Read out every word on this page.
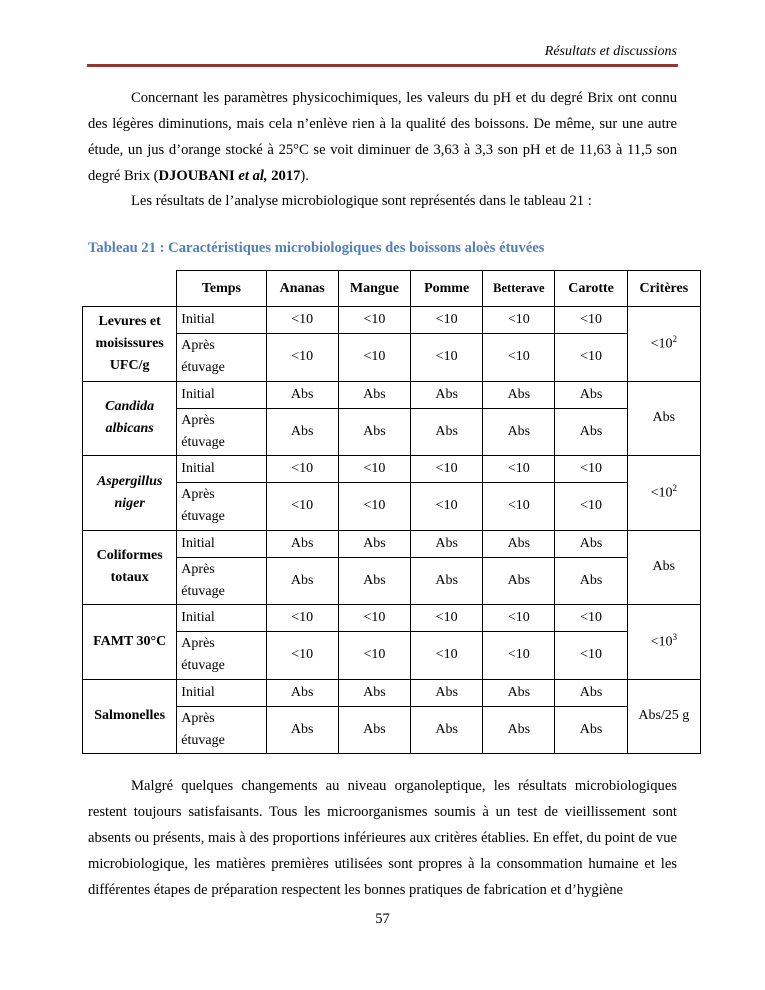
Résultats et discussions

Concernant les paramètres physicochimiques, les valeurs du pH et du degré Brix ont connu des légères diminutions, mais cela n’enlève rien à la qualité des boissons. De même, sur une autre étude, un jus d’orange stocké à 25°C se voit diminuer de 3,63 à 3,3 son pH et de 11,63 à 11,5 son degré Brix (DJOUBANI et al, 2017).

Les résultats de l’analyse microbiologique sont représentés dans le tableau 21 :

Tableau 21 : Caractéristiques microbiologiques des boissons aloès étuvées
	Temps	Ananas	Mangue	Pomme	Betterave	Carotte	Critères
Levures et moisissures UFC/g	Initial	<10	<10	<10	<10	<10	$<10^2$
	Après étuvage	<10	<10	<10	<10	<10	
Candida albicans	Initial	Abs	Abs	Abs	Abs	Abs	Abs
	Après étuvage	Abs	Abs	Abs	Abs	Abs	
Aspergillus niger	Initial	<10	<10	<10	<10	<10	$<10^2$
	Après étuvage	<10	<10	<10	<10	<10	
Coliformes totaux	Initial	Abs	Abs	Abs	Abs	Abs	Abs
	Après étuvage	Abs	Abs	Abs	Abs	Abs	
FAMT 30°C	Initial	<10	<10	<10	<10	<10	$<10^3$
	Après étuvage	<10	<10	<10	<10	<10	
Salmonelles	Initial	Abs	Abs	Abs	Abs	Abs	Abs/25 g
	Après étuvage	Abs	Abs	Abs	Abs	Abs	

Malgré quelques changements au niveau organoleptique, les résultats microbiologiques restent toujours satisfaisants. Tous les microorganismes soumis à un test de vieillissement sont absents ou présents, mais à des proportions inférieures aux critères établies. En effet, du point de vue microbiologique, les matières premières utilisées sont propres à la consommation humaine et les différentes étapes de préparation respectent les bonnes pratiques de fabrication et d’hygiène

57
